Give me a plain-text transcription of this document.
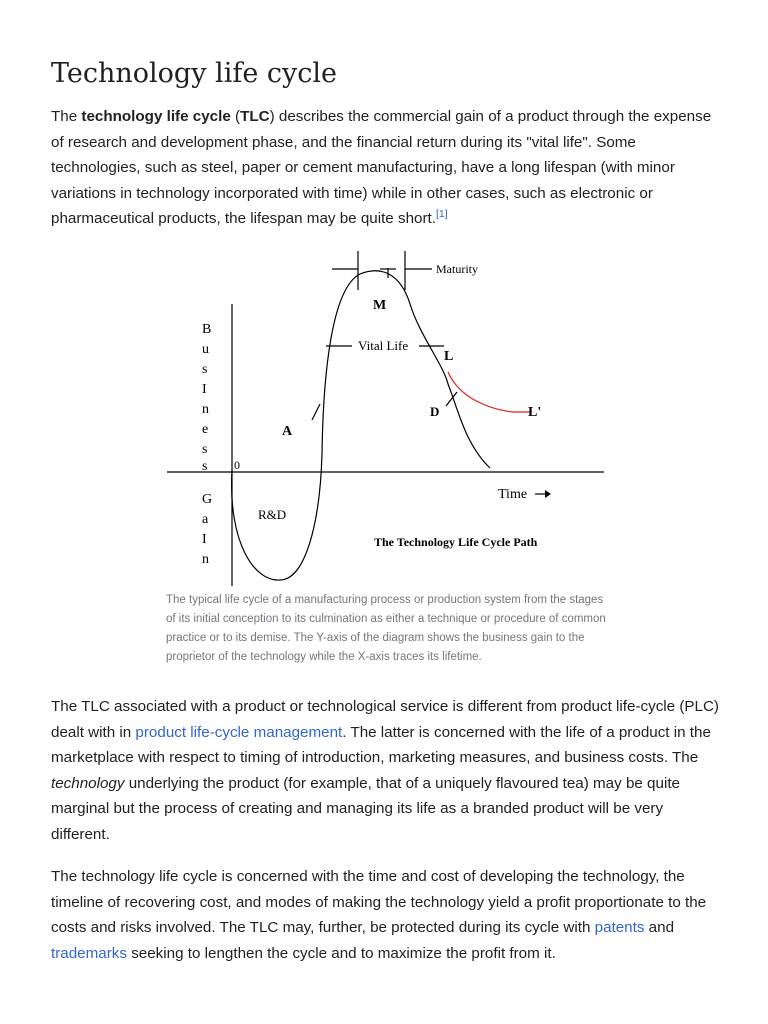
Technology life cycle

The technology life cycle (TLC) describes the commercial gain of a product through the expense of research and development phase, and the financial return during its "vital life". Some technologies, such as steel, paper or cement manufacturing, have a long lifespan (with minor variations in technology incorporated with time) while in other cases, such as electronic or pharmaceutical products, the lifespan may be quite short.[1]

B
u
s
I
n
e
s
s
G
a
I
n
0
Maturity
M
Vital Life
L
L'
A
D
R&D
Time
The Technology Life Cycle Path

The typical life cycle of a manufacturing process or production system from the stages of its initial conception to its culmination as either a technique or procedure of common practice or to its demise. The Y-axis of the diagram shows the business gain to the proprietor of the technology while the X-axis traces its lifetime.

The TLC associated with a product or technological service is different from product life-cycle (PLC) dealt with in product life-cycle management. The latter is concerned with the life of a product in the marketplace with respect to timing of introduction, marketing measures, and business costs. The technology underlying the product (for example, that of a uniquely flavoured tea) may be quite marginal but the process of creating and managing its life as a branded product will be very different.

The technology life cycle is concerned with the time and cost of developing the technology, the timeline of recovering cost, and modes of making the technology yield a profit proportionate to the costs and risks involved. The TLC may, further, be protected during its cycle with patents and trademarks seeking to lengthen the cycle and to maximize the profit from it.
